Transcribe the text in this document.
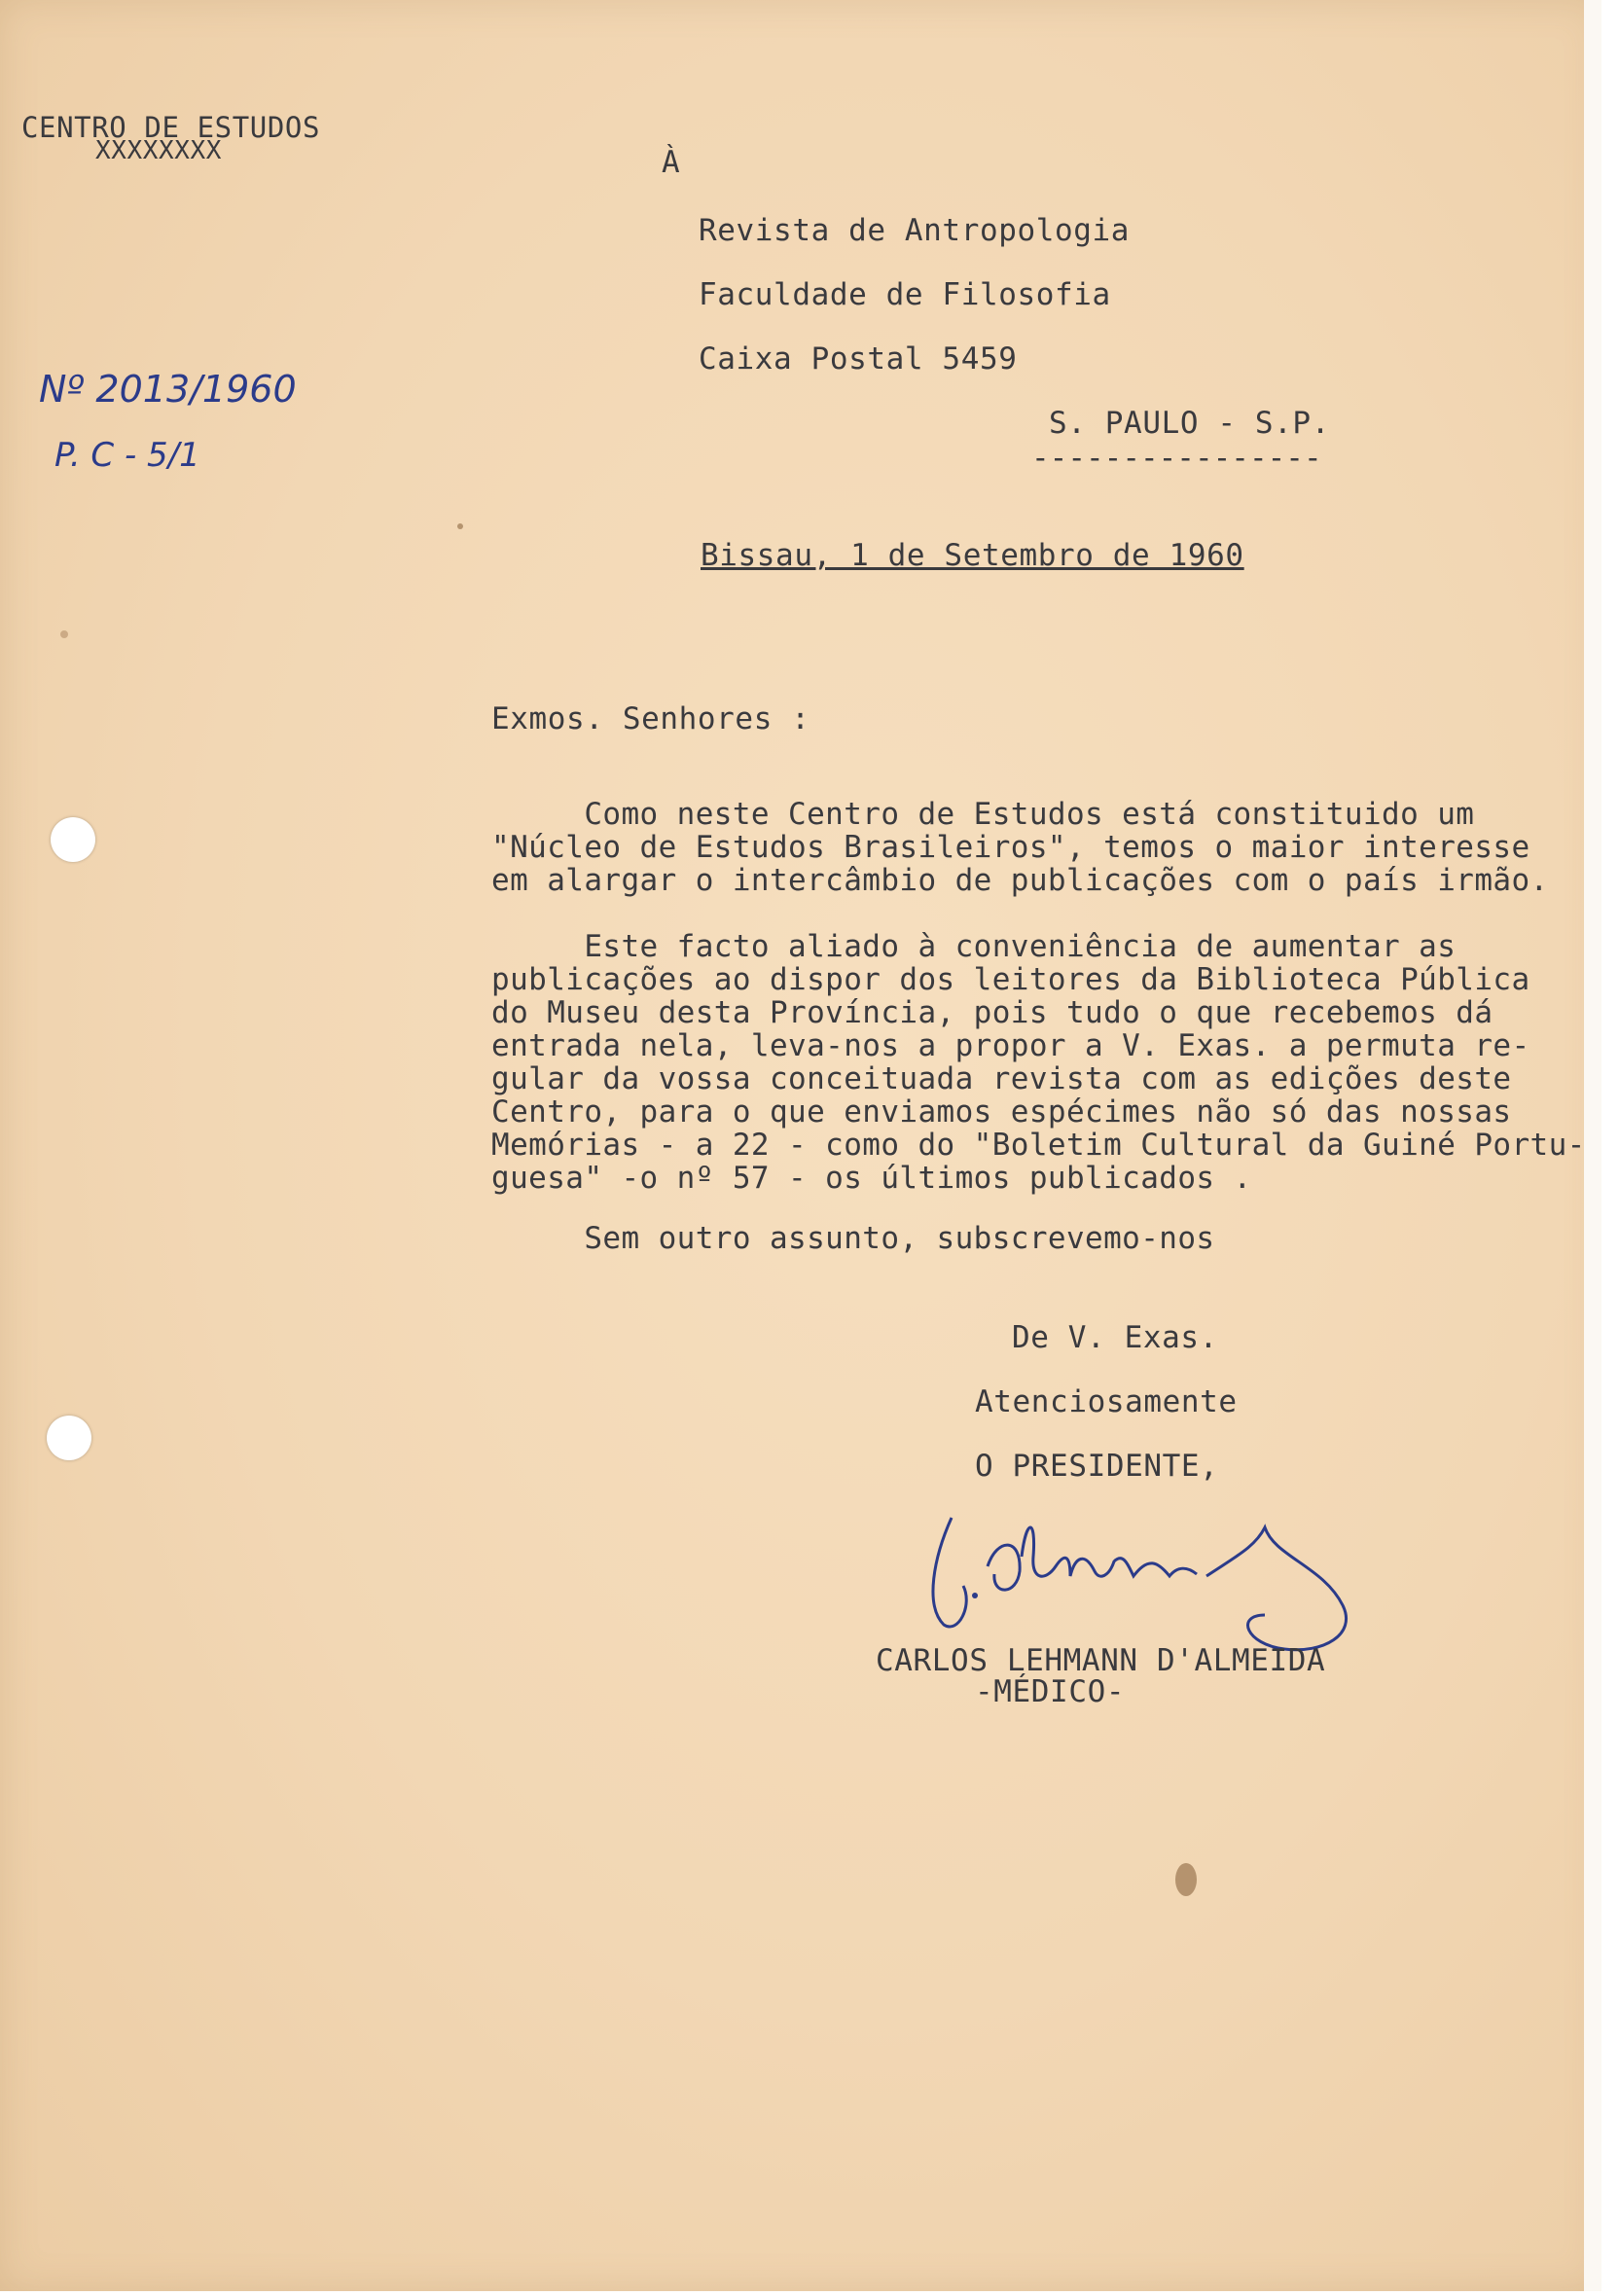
CENTRO DE ESTUDOS
XXXXXXXX
Nº 2013/1960
P. C - 5/1
À
Revista de Antropologia
Faculdade de Filosofia
Caixa Postal 5459
S. PAULO - S.P.
----------------
Bissau, 1 de Setembro de 1960
Exmos. Senhores :
Como neste Centro de Estudos está constituido um
"Núcleo de Estudos Brasileiros", temos o maior interesse
em alargar o intercâmbio de publicações com o país irmão.
Este facto aliado à conveniência de aumentar as
publicações ao dispor dos leitores da Biblioteca Pública
do Museu desta Província, pois tudo o que recebemos dá
entrada nela, leva-nos a propor a V. Exas. a permuta re-
gular da vossa conceituada revista com as edições deste
Centro, para o que enviamos espécimes não só das nossas
Memórias - a 22 - como do "Boletim Cultural da Guiné Portu-
guesa" -o nº 57 - os últimos publicados .
Sem outro assunto, subscrevemo-nos
De V. Exas.
Atenciosamente
O PRESIDENTE,
CARLOS LEHMANN D'ALMEIDA
-MÉDICO-
